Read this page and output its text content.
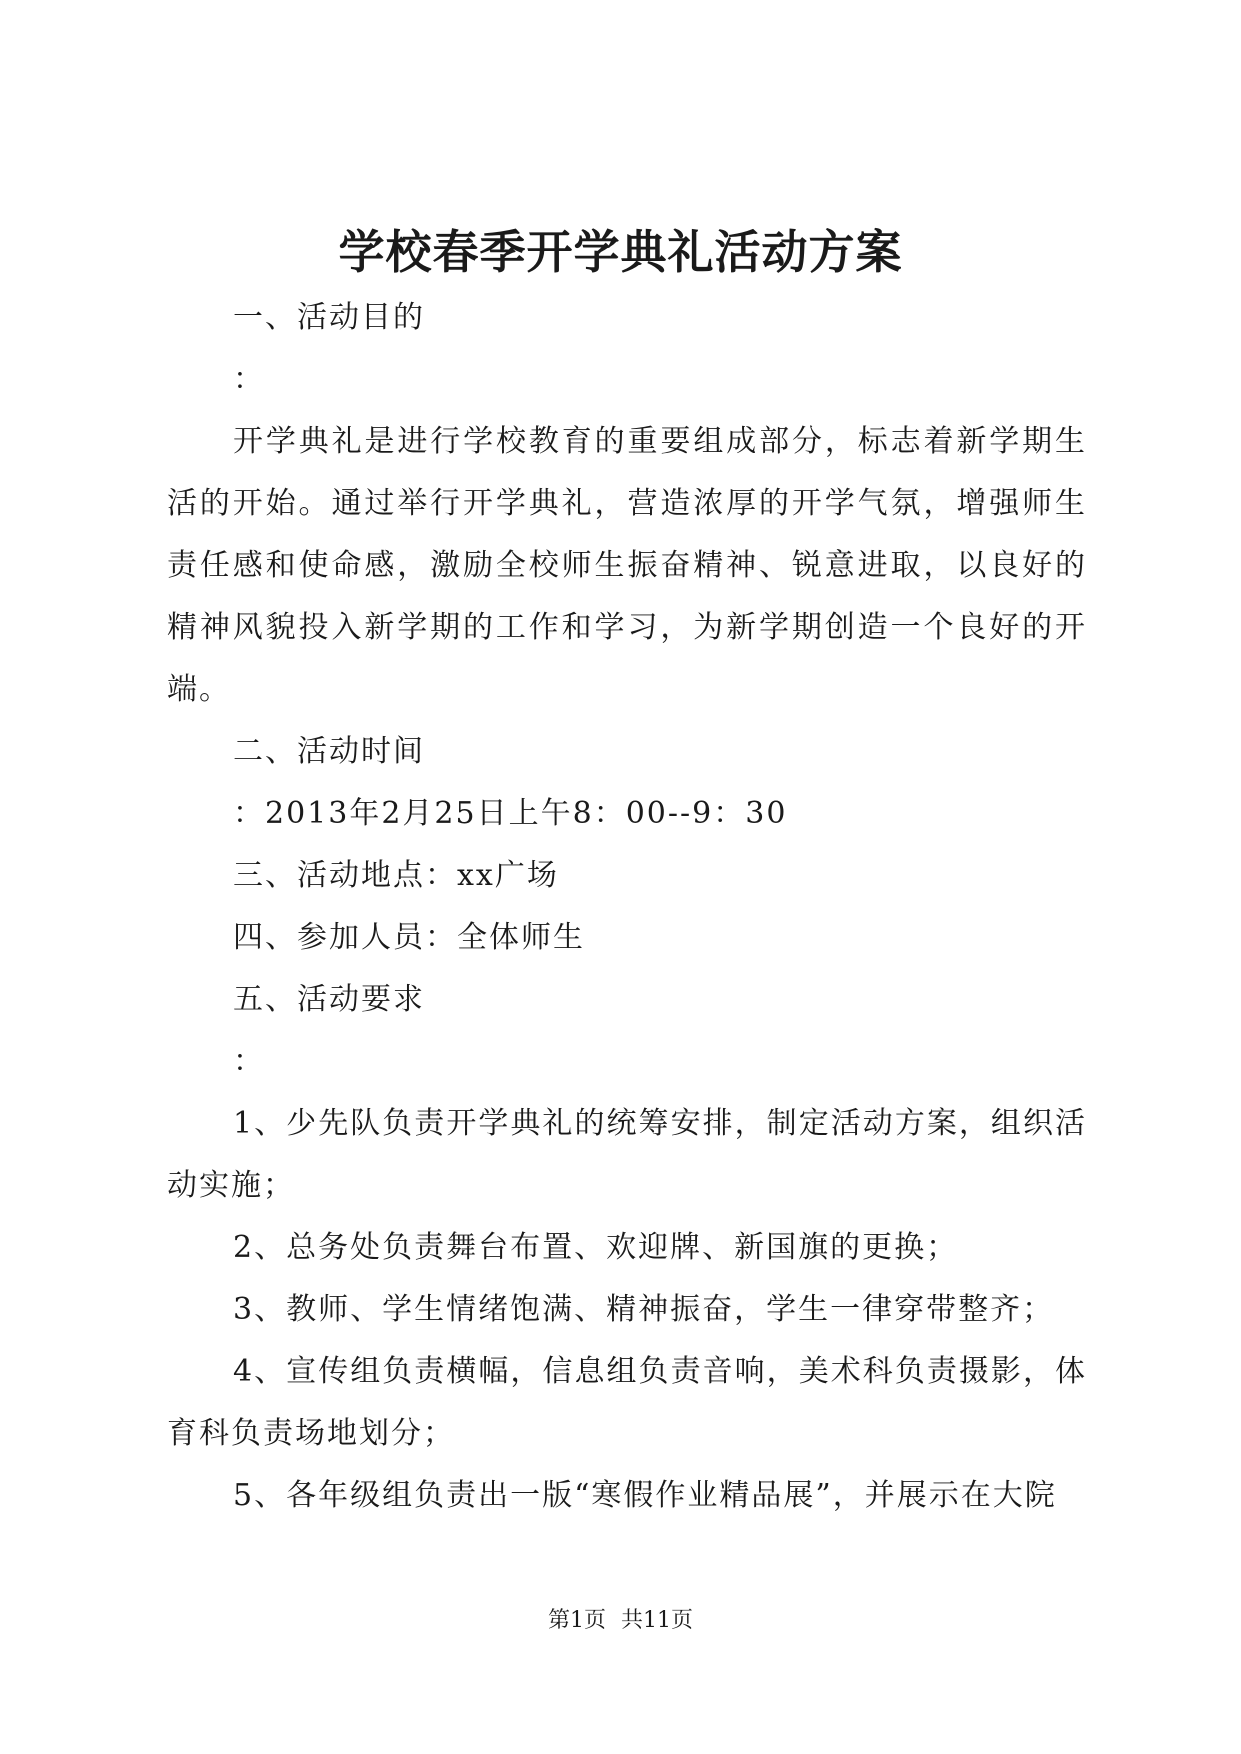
学校春季开学典礼活动方案

一、活动目的

：

开学典礼是进行学校教育的重要组成部分，标志着新学期生活的开始。通过举行开学典礼，营造浓厚的开学气氛，增强师生责任感和使命感，激励全校师生振奋精神、锐意进取，以良好的精神风貌投入新学期的工作和学习，为新学期创造一个良好的开端。

二、活动时间

：2013年2月25日上午8：00--9：30

三、活动地点：xx广场

四、参加人员：全体师生

五、活动要求

：

1、少先队负责开学典礼的统筹安排，制定活动方案，组织活动实施；

2、总务处负责舞台布置、欢迎牌、新国旗的更换；

3、教师、学生情绪饱满、精神振奋，学生一律穿带整齐；

4、宣传组负责横幅，信息组负责音响，美术科负责摄影，体育科负责场地划分；

5、各年级组负责出一版“寒假作业精品展”，并展示在大院

第1页 共11页
